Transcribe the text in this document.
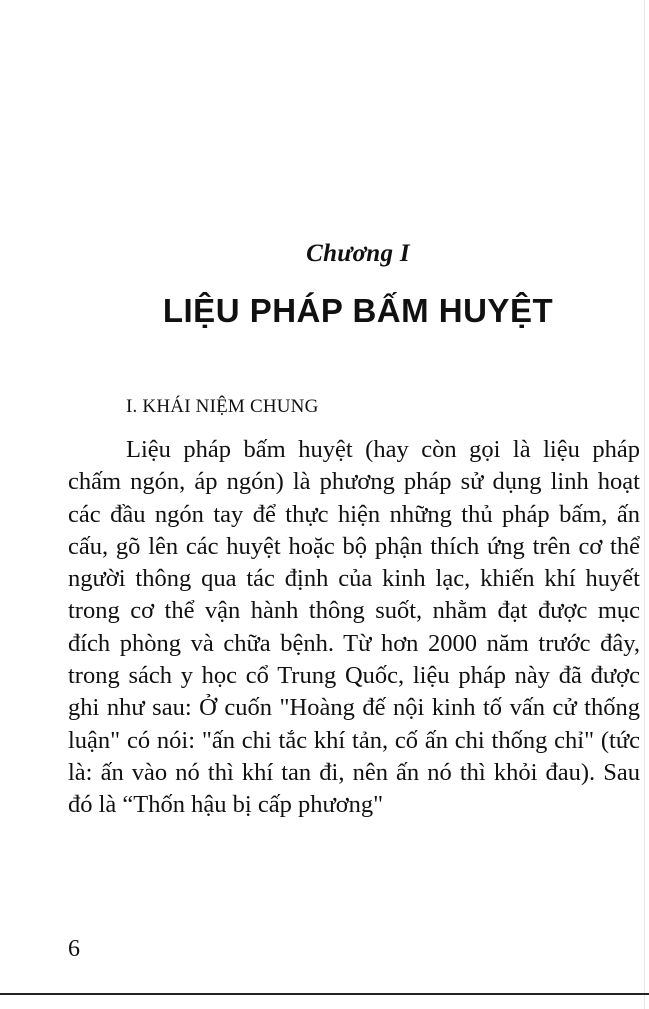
Chương I
LIỆU PHÁP BẤM HUYỆT
I. KHÁI NIỆM CHUNG

Liệu pháp bấm huyệt (hay còn gọi là liệu pháp chấm ngón, áp ngón) là phương pháp sử dụng linh hoạt các đầu ngón tay để thực hiện những thủ pháp bấm, ấn cấu, gõ lên các huyệt hoặc bộ phận thích ứng trên cơ thể người thông qua tác định của kinh lạc, khiến khí huyết trong cơ thể vận hành thông suốt, nhằm đạt được mục đích phòng và chữa bệnh. Từ hơn 2000 năm trước đây, trong sách y học cổ Trung Quốc, liệu pháp này đã được ghi như sau: Ở cuốn "Hoàng đế nội kinh tố vấn cử thống luận" có nói: "ấn chi tắc khí tản, cố ấn chi thống chỉ" (tức là: ấn vào nó thì khí tan đi, nên ấn nó thì khỏi đau). Sau đó là “Thốn hậu bị cấp phương"

6
